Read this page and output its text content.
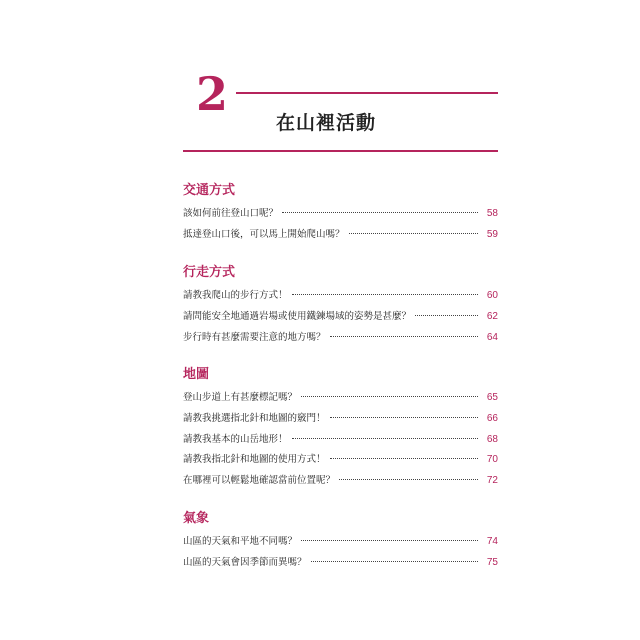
2
在山裡活動
交通方式
該如何前往登山口呢？	58
抵達登山口後，可以馬上開始爬山嗎？	59
行走方式
請教我爬山的步行方式！	60
請問能安全地通過岩場或使用鐵鍊場域的姿勢是甚麼？	62
步行時有甚麼需要注意的地方嗎？	64
地圖
登山步道上有甚麼標記嗎？	65
請教我挑選指北針和地圖的竅門！	66
請教我基本的山岳地形！	68
請教我指北針和地圖的使用方式！	70
在哪裡可以輕鬆地確認當前位置呢？	72
氣象
山區的天氣和平地不同嗎？	74
山區的天氣會因季節而異嗎？	75
